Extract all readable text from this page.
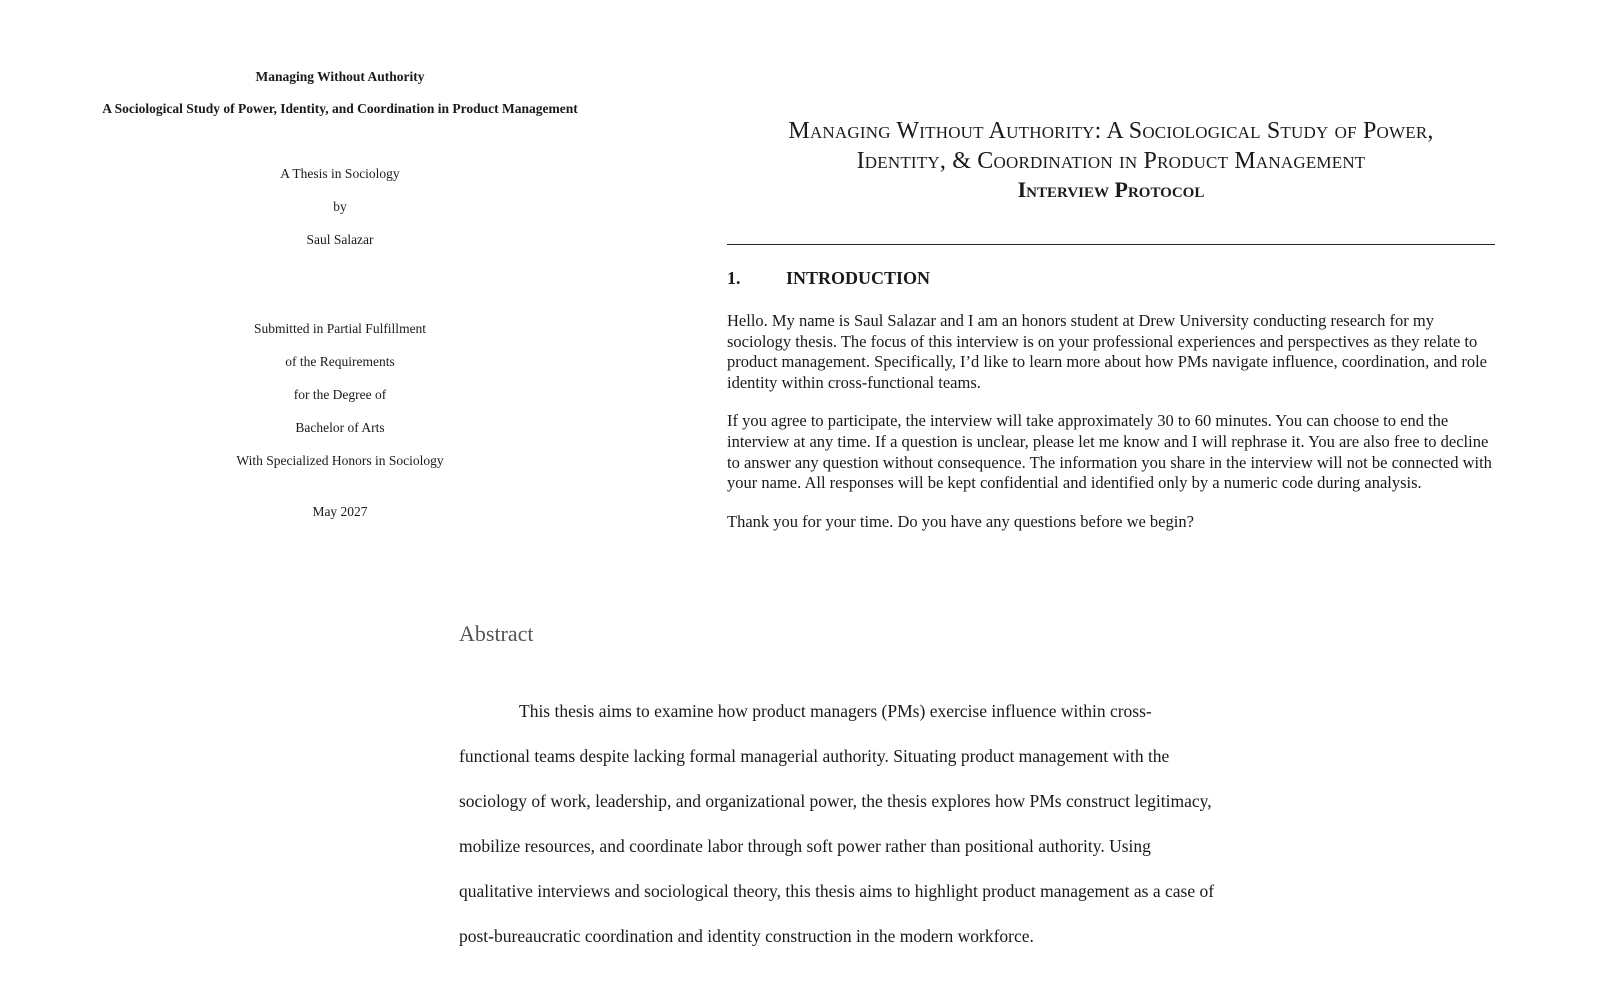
Managing Without Authority

A Sociological Study of Power, Identity, and Coordination in Product Management

A Thesis in Sociology

by

Saul Salazar

Submitted in Partial Fulfillment

of the Requirements

for the Degree of

Bachelor of Arts

With Specialized Honors in Sociology

May 2027

Managing Without Authority: A Sociological Study of Power,
Identity, & Coordination in Product Management
Interview Protocol
1.	INTRODUCTION

Hello. My name is Saul Salazar and I am an honors student at Drew University conducting research for my sociology thesis. The focus of this interview is on your professional experiences and perspectives as they relate to product management. Specifically, I’d like to learn more about how PMs navigate influence, coordination, and role identity within cross-functional teams.

If you agree to participate, the interview will take approximately 30 to 60 minutes. You can choose to end the interview at any time. If a question is unclear, please let me know and I will rephrase it. You are also free to decline to answer any question without consequence. The information you share in the interview will not be connected with your name. All responses will be kept confidential and identified only by a numeric code during analysis.

Thank you for your time. Do you have any questions before we begin?

Abstract

This thesis aims to examine how product managers (PMs) exercise influence within cross-functional teams despite lacking formal managerial authority. Situating product management with the sociology of work, leadership, and organizational power, the thesis explores how PMs construct legitimacy, mobilize resources, and coordinate labor through soft power rather than positional authority. Using qualitative interviews and sociological theory, this thesis aims to highlight product management as a case of post-bureaucratic coordination and identity construction in the modern workforce.
